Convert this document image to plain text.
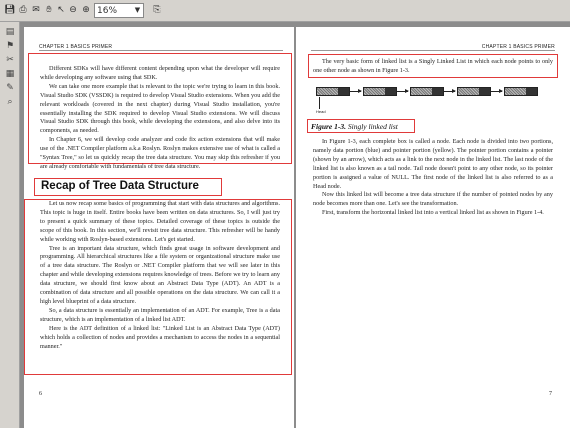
💾︎ ⎙ ✉ ✋︎ ↖ ⊖ ⊕ 16%	▼	⎘
▤
⚑
✂
▦
✎
⌕
CHAPTER 1 BASICS PRIMER

Different SDKs will have different content depending upon what the developer will require while developing any software using that SDK.

We can take one more example that is relevant to the topic we're trying to learn in this book. Visual Studio SDK (VSSDK) is required to develop Visual Studio extensions. When you add the relevant workloads (covered in the next chapter) during Visual Studio installation, you're essentially installing the SDK required to develop Visual Studio extensions. We will discuss Visual Studio SDK through this book, while developing the extensions, and also delve into its components, as needed.

In Chapter 6, we will develop code analyzer and code fix action extensions that will make use of the .NET Compiler platform a.k.a Roslyn. Roslyn makes extensive use of what is called a "Syntax Tree," so let us quickly recap the tree data structure. You may skip this refresher if you are already comfortable with fundamentals of tree data structure.

Recap of Tree Data Structure

Let us now recap some basics of programming that start with data structures and algorithms. This topic is huge in itself. Entire books have been written on data structures. So, I will just try to present a quick summary of these topics. Detailed coverage of these topics is outside the scope of this book. In this section, we'll revisit tree data structure. This refresher will be handy while working with Roslyn-based extensions. Let's get started.

Tree is an important data structure, which finds great usage in software development and programming. All hierarchical structures like a file system or organizational structure make use of a tree data structure. The Roslyn or .NET Compiler platform that we will see later in this chapter and while developing extensions requires knowledge of trees. Before we try to learn any data structure, we should first know about an Abstract Data Type (ADT). An ADT is a combination of data structure and all possible operations on the data structure. We can call it a high level blueprint of a data structure.

So, a data structure is essentially an implementation of an ADT. For example, Tree is a data structure, which is an implementation of a linked list ADT.

Here is the ADT definition of a linked list: "Linked List is an Abstract Data Type (ADT) which holds a collection of nodes and provides a mechanism to access the nodes in a sequential manner."

6
CHAPTER 1 BASICS PRIMER

The very basic form of linked list is a Singly Linked List in which each node points to only one other node as shown in Figure 1-3.

Head
Figure 1-3. Singly linked list

In Figure 1-3, each complete box is called a node. Each node is divided into two portions, namely data portion (blue) and pointer portion (yellow). The pointer portion contains a pointer (shown by an arrow), which acts as a link to the next node in the linked list. The last node of the linked list is also known as a tail node. Tail node doesn't point to any other node, so its pointer portion is assigned a value of NULL. The first node of the linked list is also referred to as a Head node.

Now this linked list will become a tree data structure if the number of pointed nodes by any node becomes more than one. Let's see the transformation.

First, transform the horizontal linked list into a vertical linked list as shown in Figure 1-4.

7
